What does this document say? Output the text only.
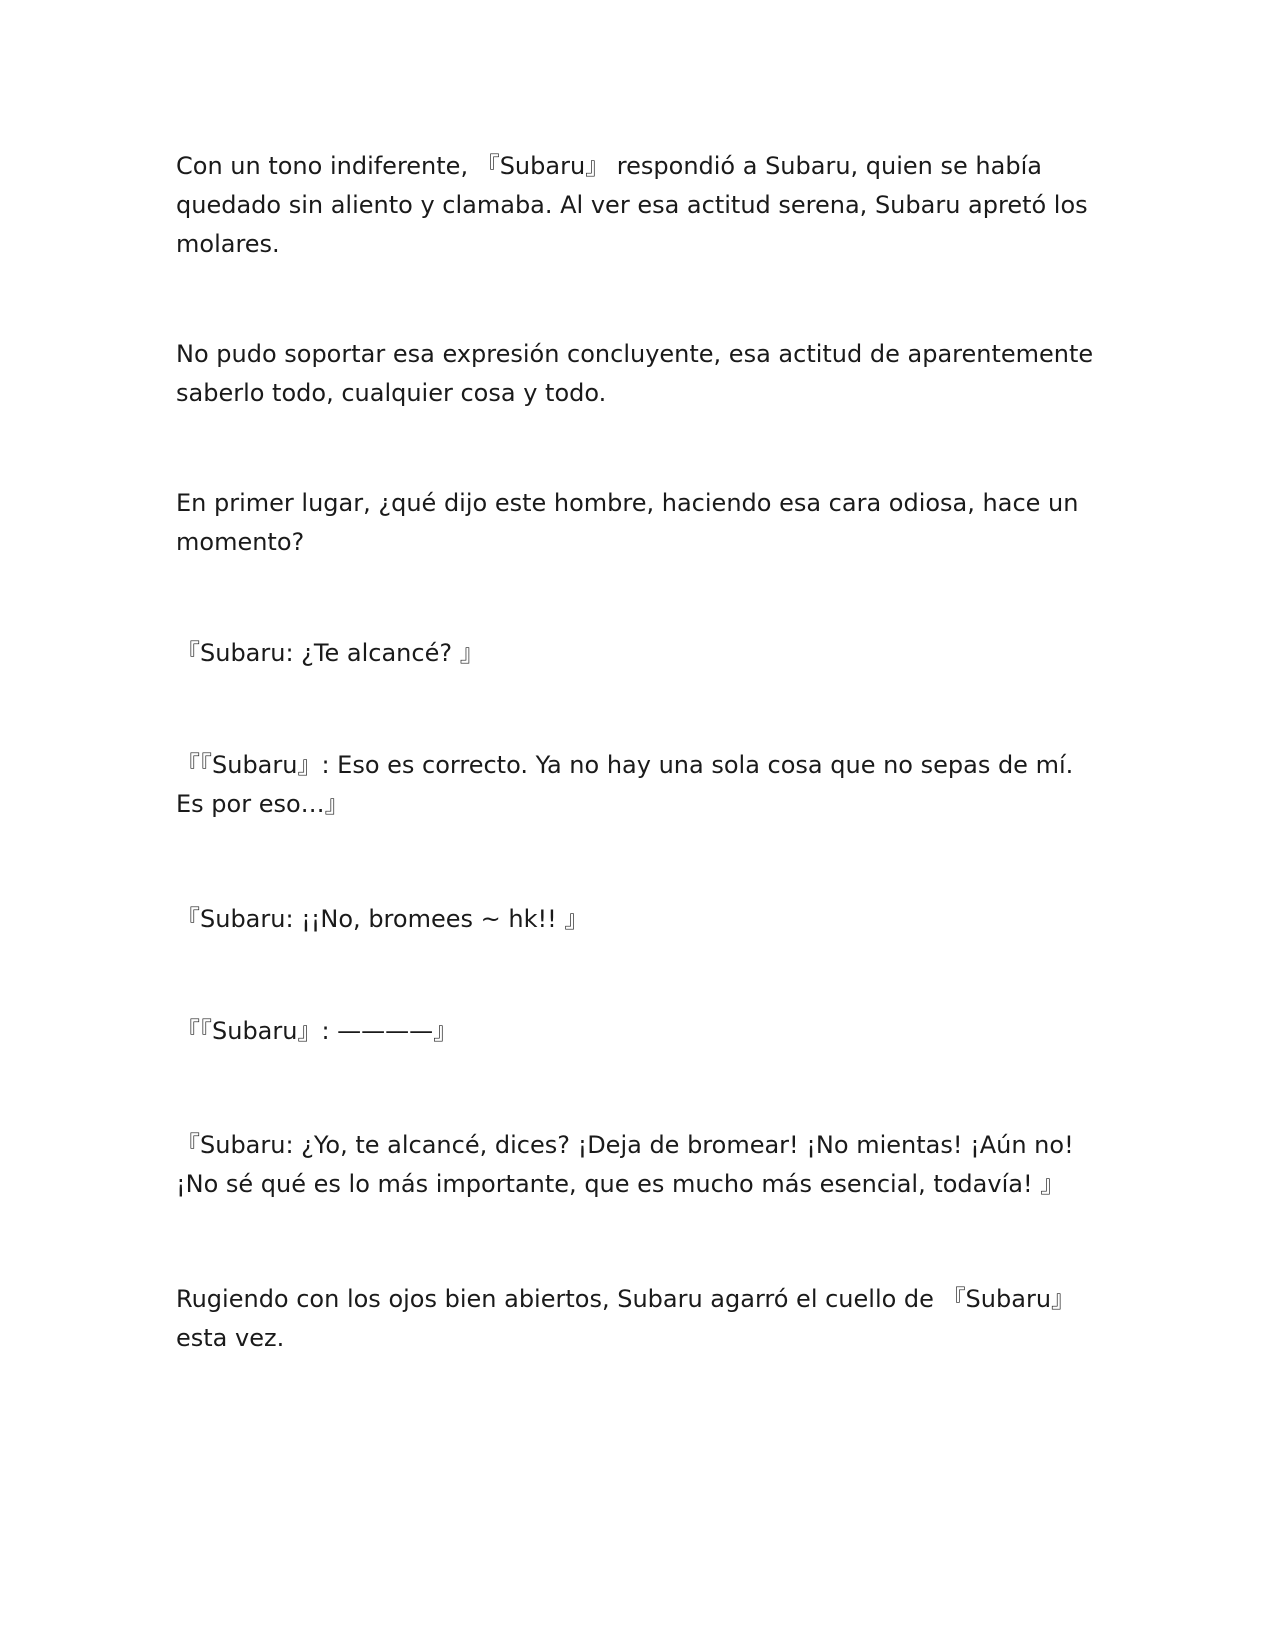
Con un tono indiferente, 『Subaru』 respondió a Subaru, quien se había
quedado sin aliento y clamaba. Al ver esa actitud serena, Subaru apretó los
molares.

No pudo soportar esa expresión concluyente, esa actitud de aparentemente
saberlo todo, cualquier cosa y todo.

En primer lugar, ¿qué dijo este hombre, haciendo esa cara odiosa, hace un
momento?

『Subaru: ¿Te alcancé? 』

『『Subaru』: Eso es correcto. Ya no hay una sola cosa que no sepas de mí.
Es por eso…』

『Subaru: ¡¡No, bromees ~ hk!! 』

『『Subaru』: ————』

『Subaru: ¿Yo, te alcancé, dices? ¡Deja de bromear! ¡No mientas! ¡Aún no!
¡No sé qué es lo más importante, que es mucho más esencial, todavía! 』

Rugiendo con los ojos bien abiertos, Subaru agarró el cuello de 『Subaru』
esta vez.
